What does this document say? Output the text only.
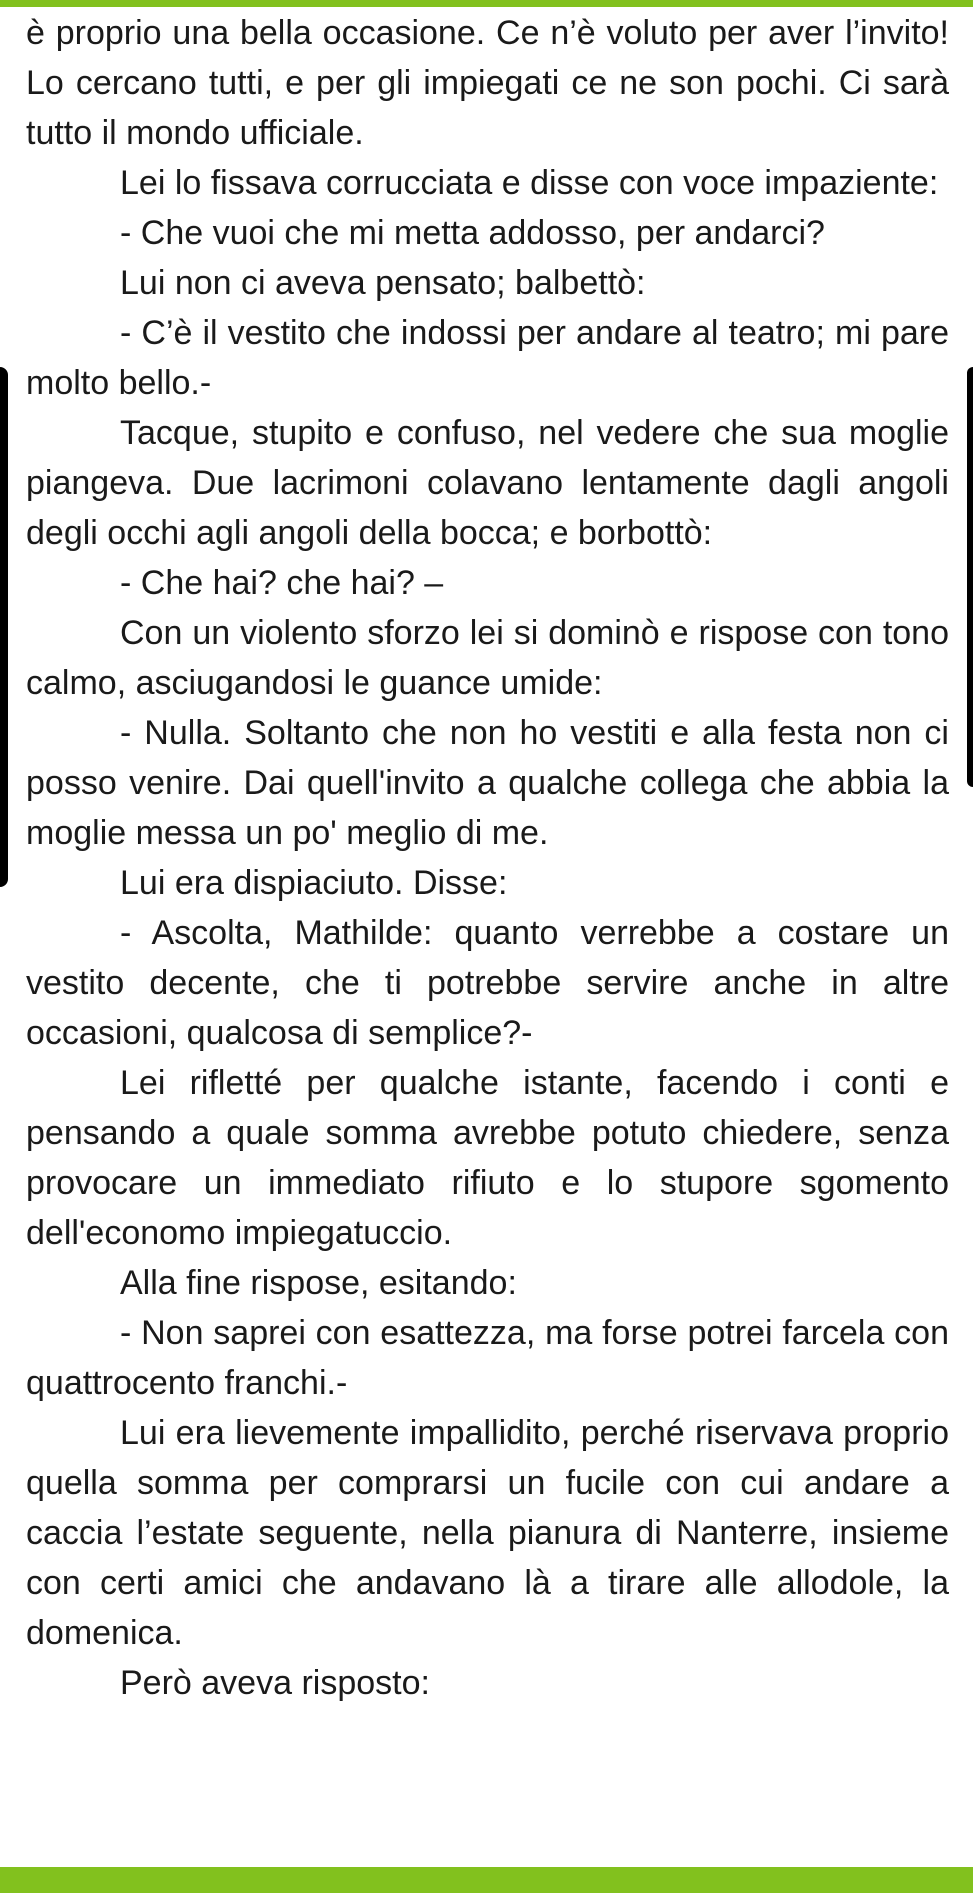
è proprio una bella occasione. Ce n’è voluto per aver l’invito! Lo cercano tutti, e per gli impiegati ce ne son pochi. Ci sarà tutto il mondo ufficiale.

Lei lo fissava corrucciata e disse con voce impaziente:

- Che vuoi che mi metta addosso, per andarci?

Lui non ci aveva pensato; balbettò:

- C’è il vestito che indossi per andare al teatro; mi pare molto bello.-

Tacque, stupito e confuso, nel vedere che sua moglie piangeva. Due lacrimoni colavano lentamente dagli angoli degli occhi agli angoli della bocca; e borbottò:

- Che hai? che hai? –

Con un violento sforzo lei si dominò e rispose con tono calmo, asciugandosi le guance umide:

- Nulla. Soltanto che non ho vestiti e alla festa non ci posso venire. Dai quell'invito a qualche collega che abbia la moglie messa un po' meglio di me.

Lui era dispiaciuto. Disse:

- Ascolta, Mathilde: quanto verrebbe a costare un vestito decente, che ti potrebbe servire anche in altre occasioni, qualcosa di semplice?-

Lei rifletté per qualche istante, facendo i conti e pensando a quale somma avrebbe potuto chiedere, senza provocare un immediato rifiuto e lo stupore sgomento dell'economo impiegatuccio.

Alla fine rispose, esitando:

- Non saprei con esattezza, ma forse potrei farcela con quattrocento franchi.-

Lui era lievemente impallidito, perché riservava proprio quella somma per comprarsi un fucile con cui andare a caccia l’estate seguente, nella pianura di Nanterre, insieme con certi amici che andavano là a tirare alle allodole, la domenica.

Però aveva risposto:
